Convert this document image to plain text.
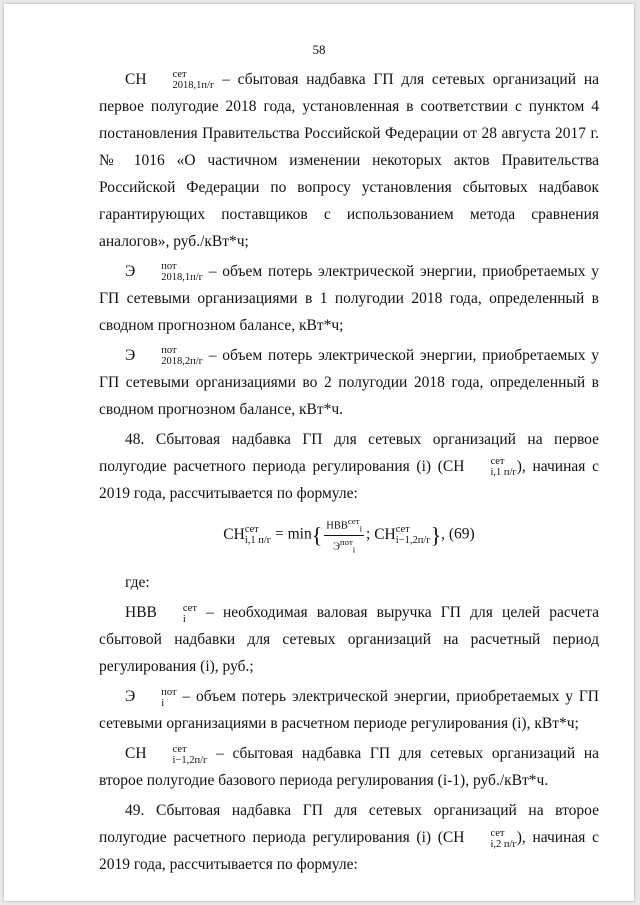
58

СН	сет
2018,1п/г – сбытовая надбавка ГП для сетевых организаций на первое полугодие 2018 года, установленная в соответствии с пунктом 4 постановления Правительства Российской Федерации от 28 августа 2017 г. № 1016 «О частичном изменении некоторых актов Правительства Российской Федерации по вопросу установления сбытовых надбавок гарантирующих поставщиков с использованием метода сравнения аналогов», руб./кВт*ч;

Э	пот
2018,1п/г – объем потерь электрической энергии, приобретаемых у ГП сетевыми организациями в 1 полугодии 2018 года, определенный в сводном прогнозном балансе, кВт*ч;

Э	пот
2018,2п/г – объем потерь электрической энергии, приобретаемых у ГП сетевыми организациями во 2 полугодии 2018 года, определенный в сводном прогнозном балансе, кВт*ч.

48. Сбытовая надбавка ГП для сетевых организаций на первое полугодие расчетного периода регулирования (i) (СН	сет
i,1 п/г ), начиная с 2019 года, рассчитывается по формуле:

СН сет
i,1 $п/г = \min\{ \frac{НВВ^{сет}_i}{Э^{пот}_i}$ ; СН сет
i−1,2п/г }, (69)

где:

НВВ	сет
i – необходимая валовая выручка ГП для целей расчета сбытовой надбавки для сетевых организаций на расчетный период регулирования (i), руб.;

Э	пот
i – объем потерь электрической энергии, приобретаемых у ГП сетевыми организациями в расчетном периоде регулирования (i), кВт*ч;

СН	сет
i−1,2п/г – сбытовая надбавка ГП для сетевых организаций на второе полугодие базового периода регулирования (i-1), руб./кВт*ч.

49. Сбытовая надбавка ГП для сетевых организаций на второе полугодие расчетного периода регулирования (i) (СН	сет
i,2 п/г ), начиная с 2019 года, рассчитывается по формуле:
